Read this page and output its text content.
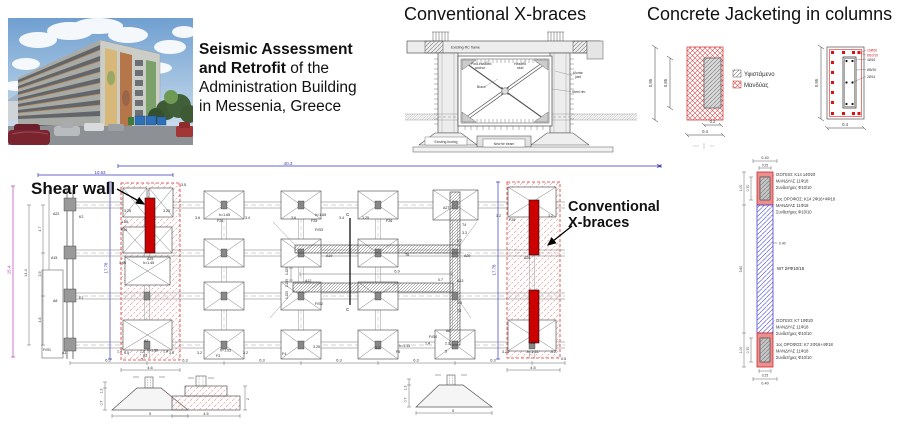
Seismic Assessment
and Retrofit of the
Administration Building
in Messenia, Greece
Conventional X-braces
Existing RC frame
Post-installed
anchor
Headed
stud
Brace
Mortar
joint
Steel rim
Existing footing	New tie beam
Concrete Jacketing in columns
0.95 0.85
0.2
0.4
Υφιστάμενο
Μανδύας	0.95
0.4
10Ø20
Ø10/10
4Ø16
Ø6/30
2Ø14
40.3
10.63
17.78	17.78
15.4	14.4
4.7
3.9
4.8
6.3	6.3	6.3	6.3	6.3	6.3
4.6	4.5
6.9
A22
K2
A15
A8
E1
A1
F/Θ1
F16
3.25	3.25
3.85
3.65	h=1.45
A25
F2
h=1.50
3.5	3.5
A2
F24
3.6
h=1.65
3.4
F25
3.6
h=1.65
3.4
F26
3.25
A27
T4
3.3
F28
3.2	3.2
A26
A19	T6
0.7
A29
A12	A13
0.7
T5
3.3
F/Θ3
F/Θ2
F/Θ4
A6
F3
h=1.55
3.2	3.2	F4
3.25
F5
3.2	h=1.15
A7
h=1.15
3.25	3.2
1.4	2.2	1.4
5
1.4	2.2
5
C
C
3.5
0.5
1.225
1.225
1.225
1.3
0.7
5
2
4.5
1.3
0.7
5
Shear wall
Conventional
X-braces
0.40
0.25
1.00 0.70
3.60
0.40
1.00 0.70
0.25
0.40
ΙΣΟΓΕΙΟ: Κ14 14Φ20
ΜΑΝΔΥΑΣ 11Φ18
Συνδετήρες Φ10/10
1ος ΟΡΟΦΟΣ: Κ14 2Φ16+4Φ18
ΜΑΝΔΥΑΣ 11Φ18
Συνδετήρες Φ10/10
W7 2#Φ10/15
ΙΣΟΓΕΙΟ: Κ7 10Φ20
ΜΑΝΔΥΑΣ 11Φ18
Συνδετήρες Φ10/10
1ος ΟΡΟΦΟΣ: Κ7 2Φ16+4Φ18
ΜΑΝΔΥΑΣ 11Φ18
Συνδετήρες Φ10/10
